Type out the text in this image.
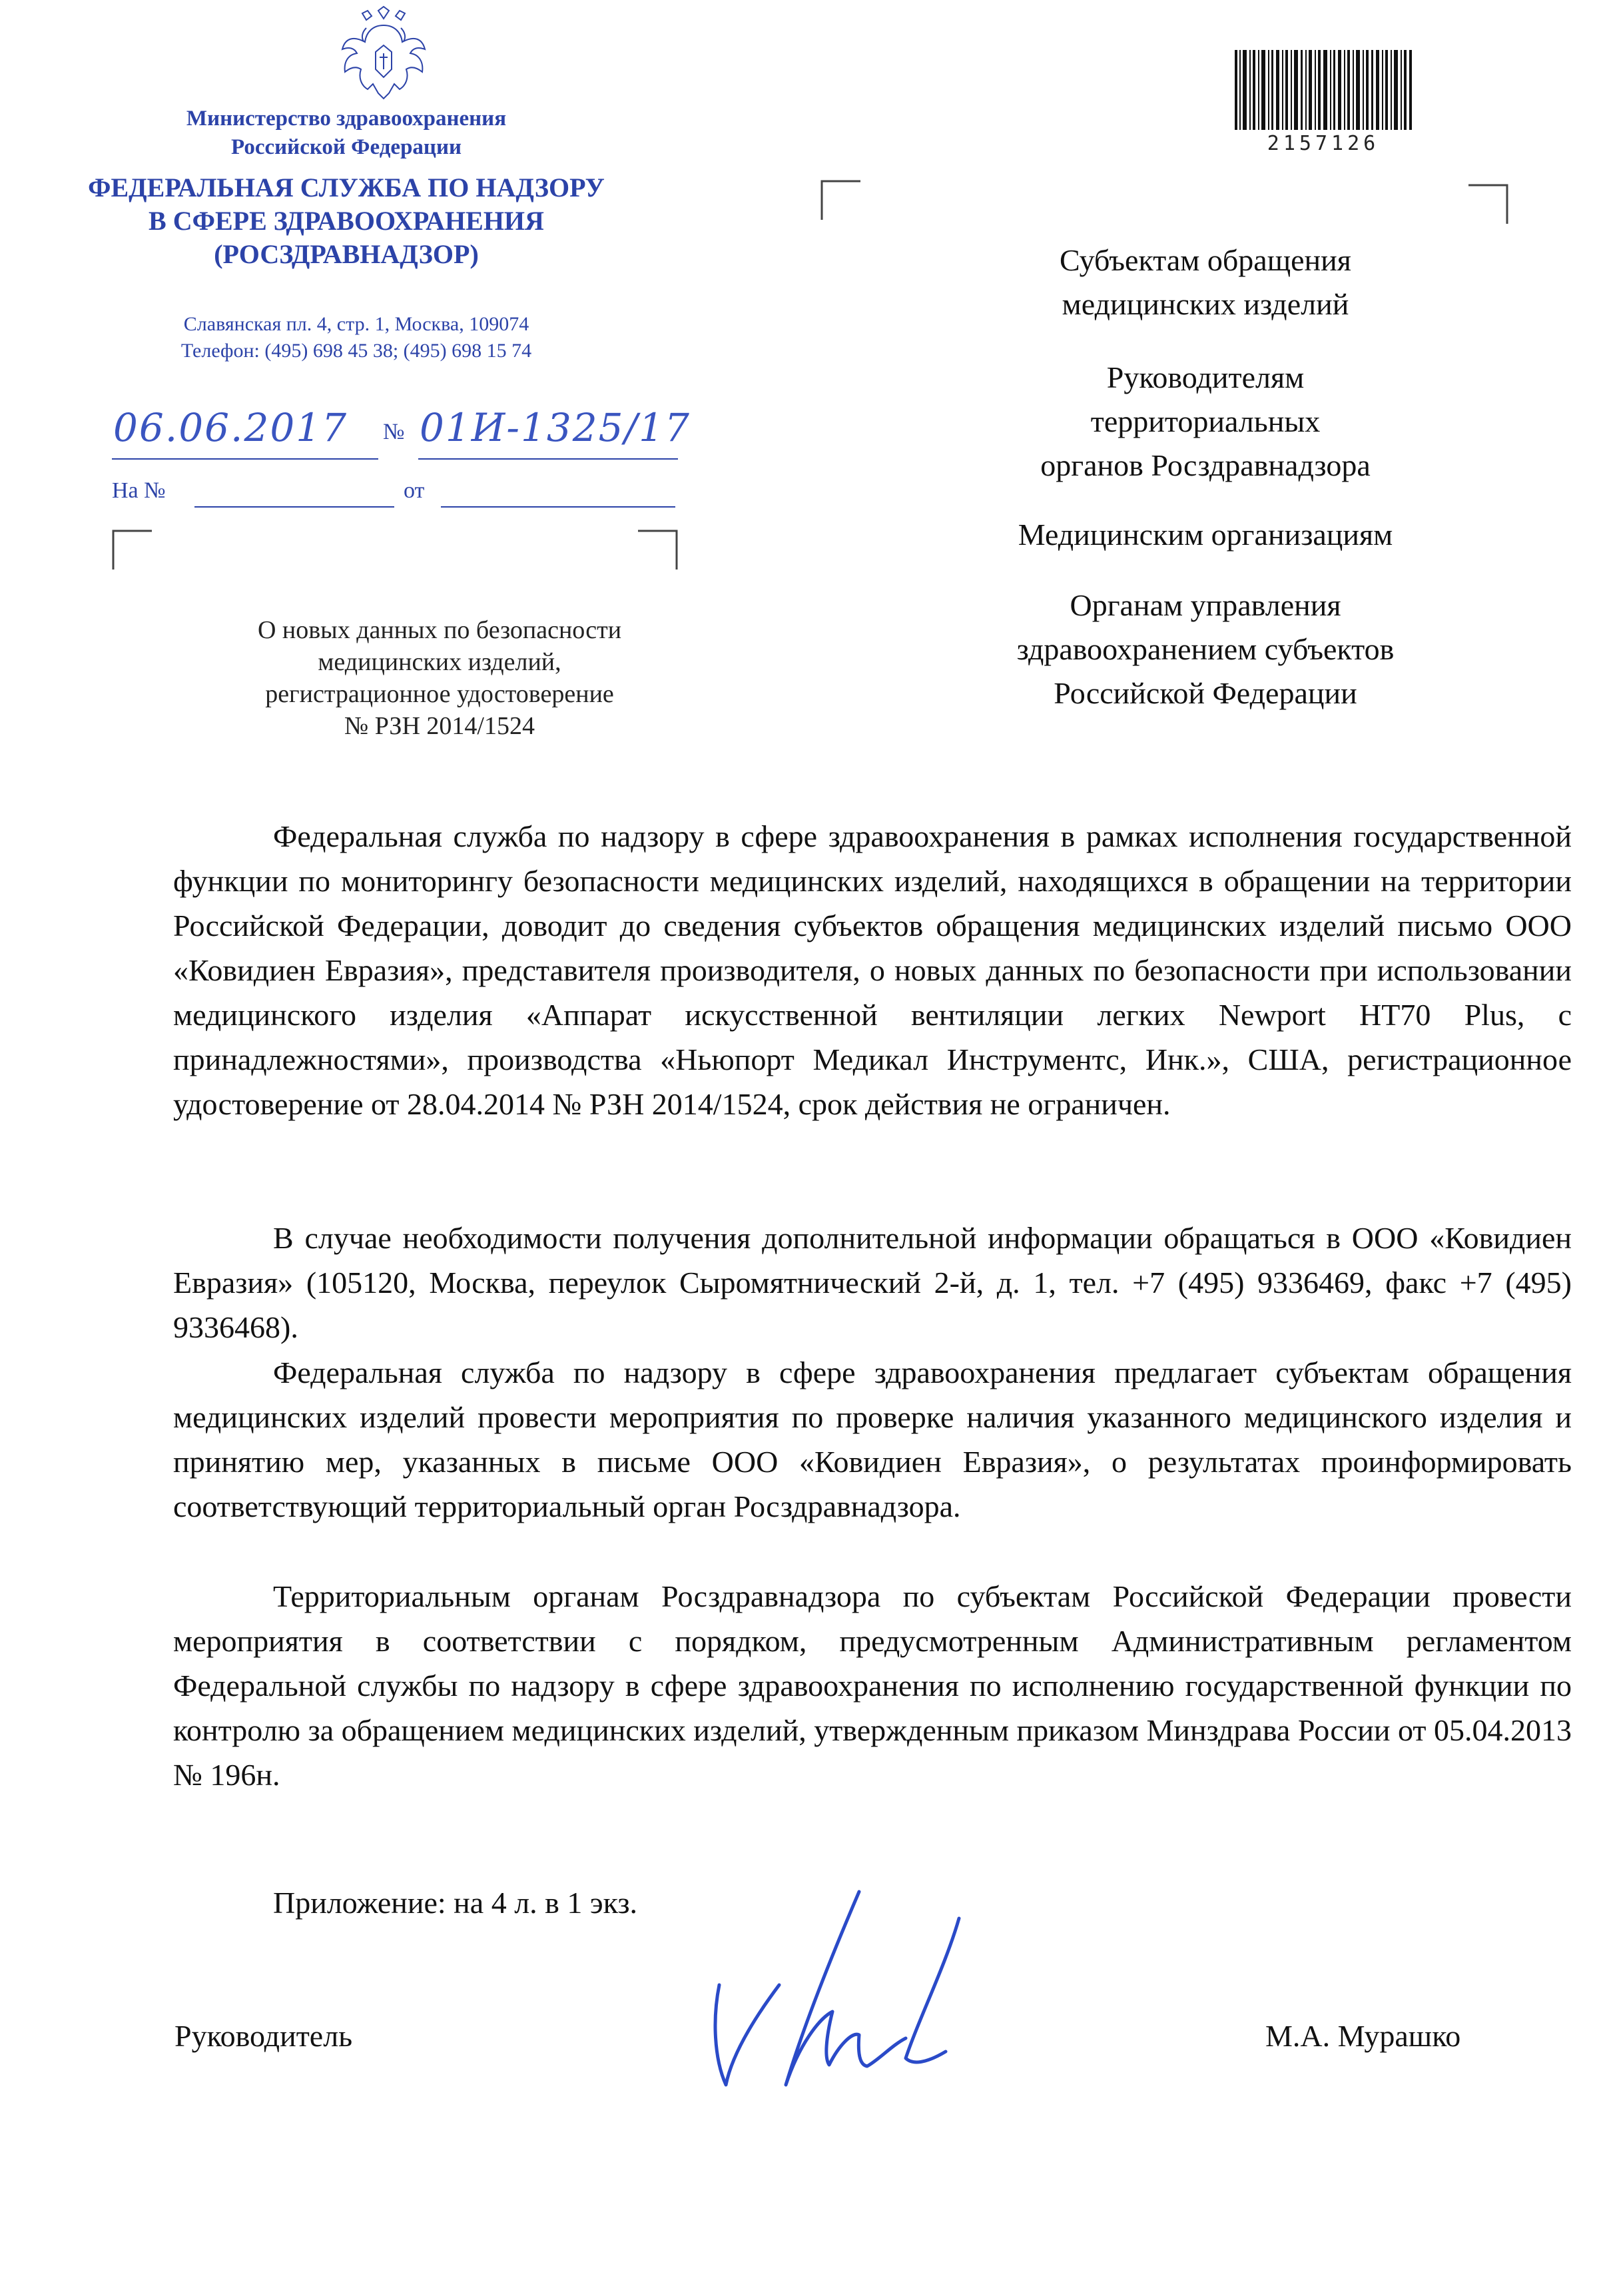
Министерство здравоохранения
Российской Федерации
ФЕДЕРАЛЬНАЯ СЛУЖБА ПО НАДЗОРУ
В СФЕРЕ ЗДРАВООХРАНЕНИЯ
(РОСЗДРАВНАДЗОР)
Славянская пл. 4, стр. 1, Москва, 109074
Телефон: (495) 698 45 38; (495) 698 15 74
06.06.2017 № 01И-1325/17
На №	от
О новых данных по безопасности
медицинских изделий,
регистрационное удостоверение
№ РЗН 2014/1524
2157126
Субъектам обращения
медицинских изделий
Руководителям
территориальных
органов Росздравнадзора
Медицинским организациям
Органам управления
здравоохранением субъектов
Российской Федерации
Федеральная служба по надзору в сфере здравоохранения в рамках исполнения государственной функции по мониторингу безопасности медицинских изделий, находящихся в обращении на территории Российской Федерации, доводит до сведения субъектов обращения медицинских изделий письмо ООО «Ковидиен Евразия», представителя производителя, о новых данных по безопасности при использовании медицинского изделия «Аппарат искусственной вентиляции легких Newport HT70 Plus, с принадлежностями», производства «Ньюпорт Медикал Инструментс, Инк.», США, регистрационное удостоверение от 28.04.2014 № РЗН 2014/1524, срок действия не ограничен.
В случае необходимости получения дополнительной информации обращаться в ООО «Ковидиен Евразия» (105120, Москва, переулок Сыромятнический 2-й, д. 1, тел. +7 (495) 9336469, факс +7 (495) 9336468).
Федеральная служба по надзору в сфере здравоохранения предлагает субъектам обращения медицинских изделий провести мероприятия по проверке наличия указанного медицинского изделия и принятию мер, указанных в письме ООО «Ковидиен Евразия», о результатах проинформировать соответствующий территориальный орган Росздравнадзора.
Территориальным органам Росздравнадзора по субъектам Российской Федерации провести мероприятия в соответствии с порядком, предусмотренным Административным регламентом Федеральной службы по надзору в сфере здравоохранения по исполнению государственной функции по контролю за обращением медицинских изделий, утвержденным приказом Минздрава России от 05.04.2013 № 196н.
Приложение: на 4 л. в 1 экз.
Руководитель	М.А. Мурашко
